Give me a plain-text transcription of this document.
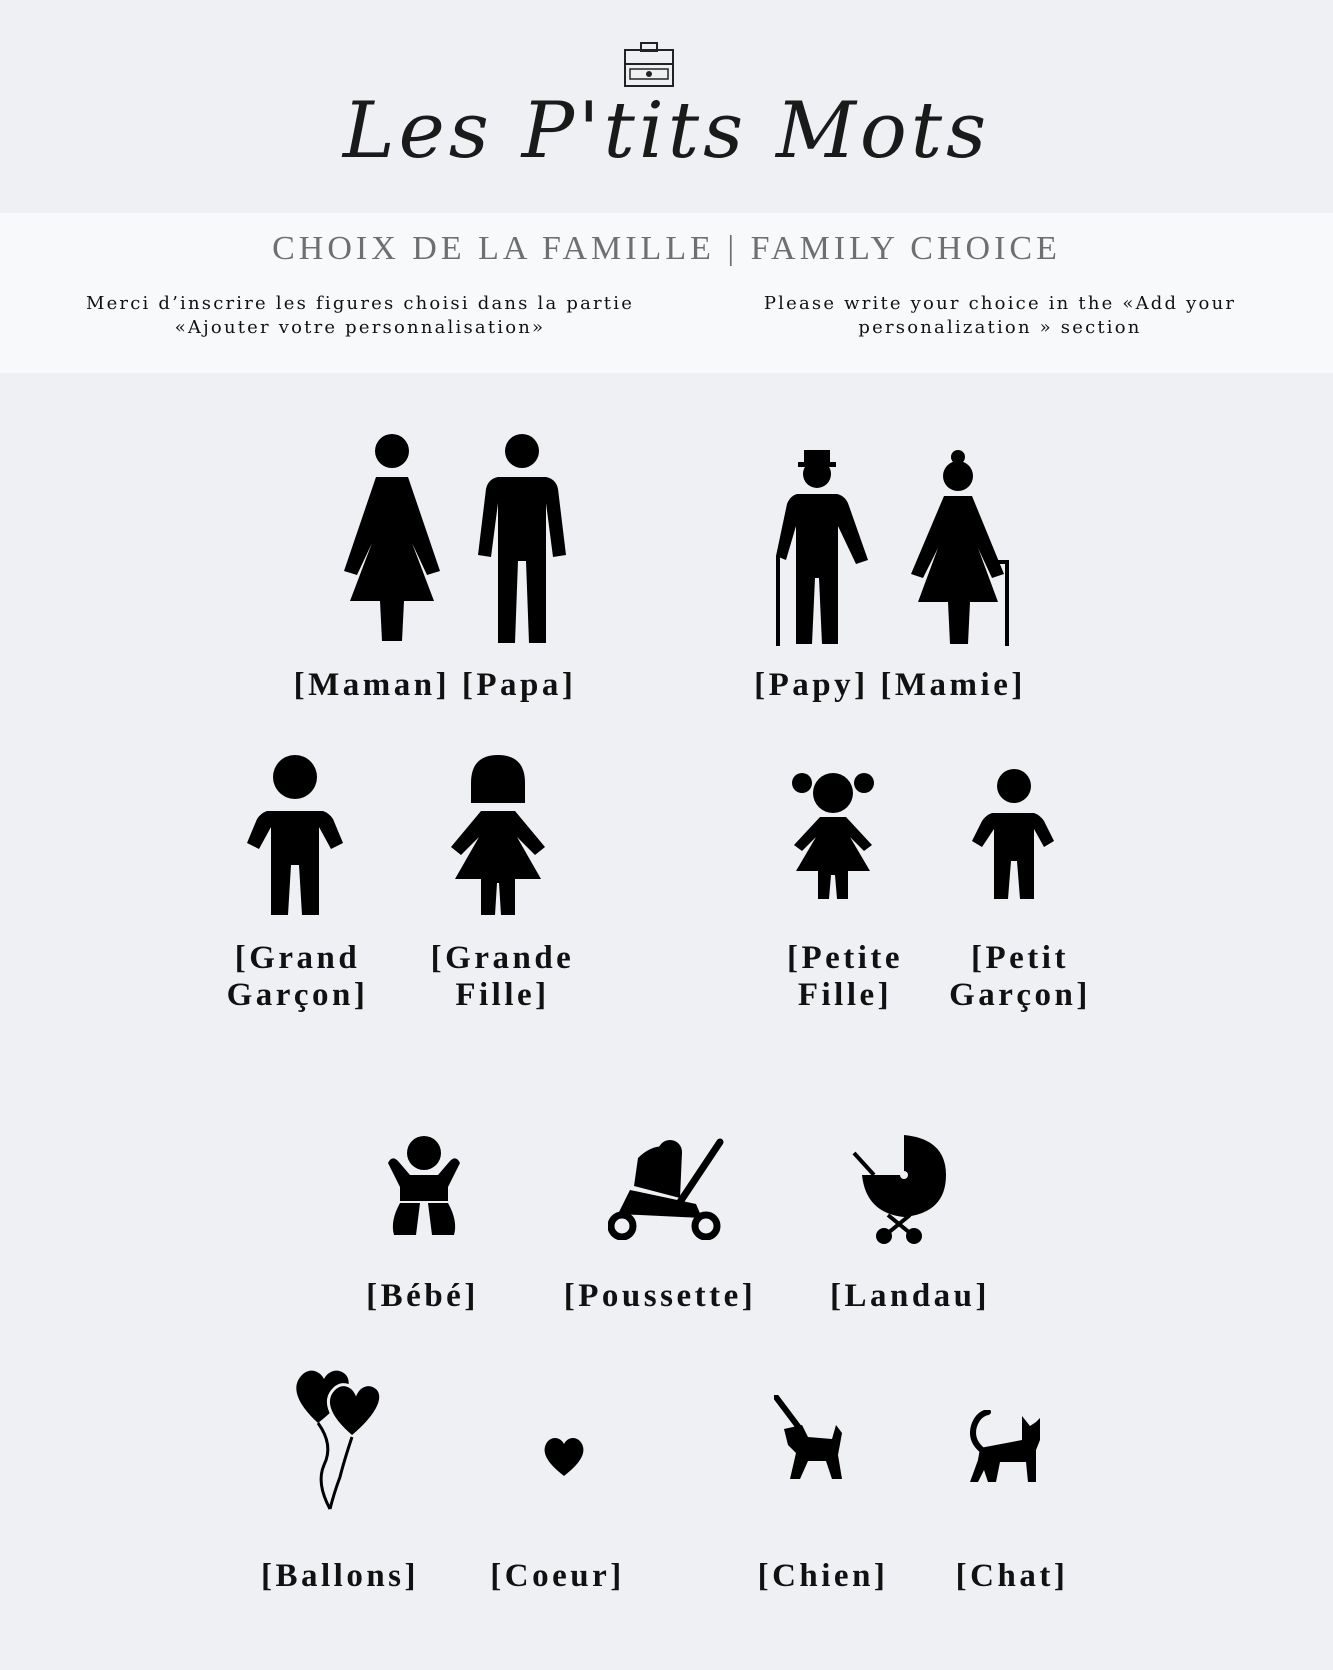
Les P'tits Mots
CHOIX DE LA FAMILLE | FAMILY CHOICE
Merci d’inscrire les figures choisi dans la partie
«Ajouter votre personnalisation»
Please write your choice in the «Add your
personalization » section
[Maman] [Papa]	[Papy] [Mamie]
[Grand
Garçon]
[Grande
Fille]
[Petite
Fille]
[Petit
Garçon]
[Bébé]	[Poussette]	[Landau]
[Ballons]	[Coeur]	[Chien]	[Chat]
